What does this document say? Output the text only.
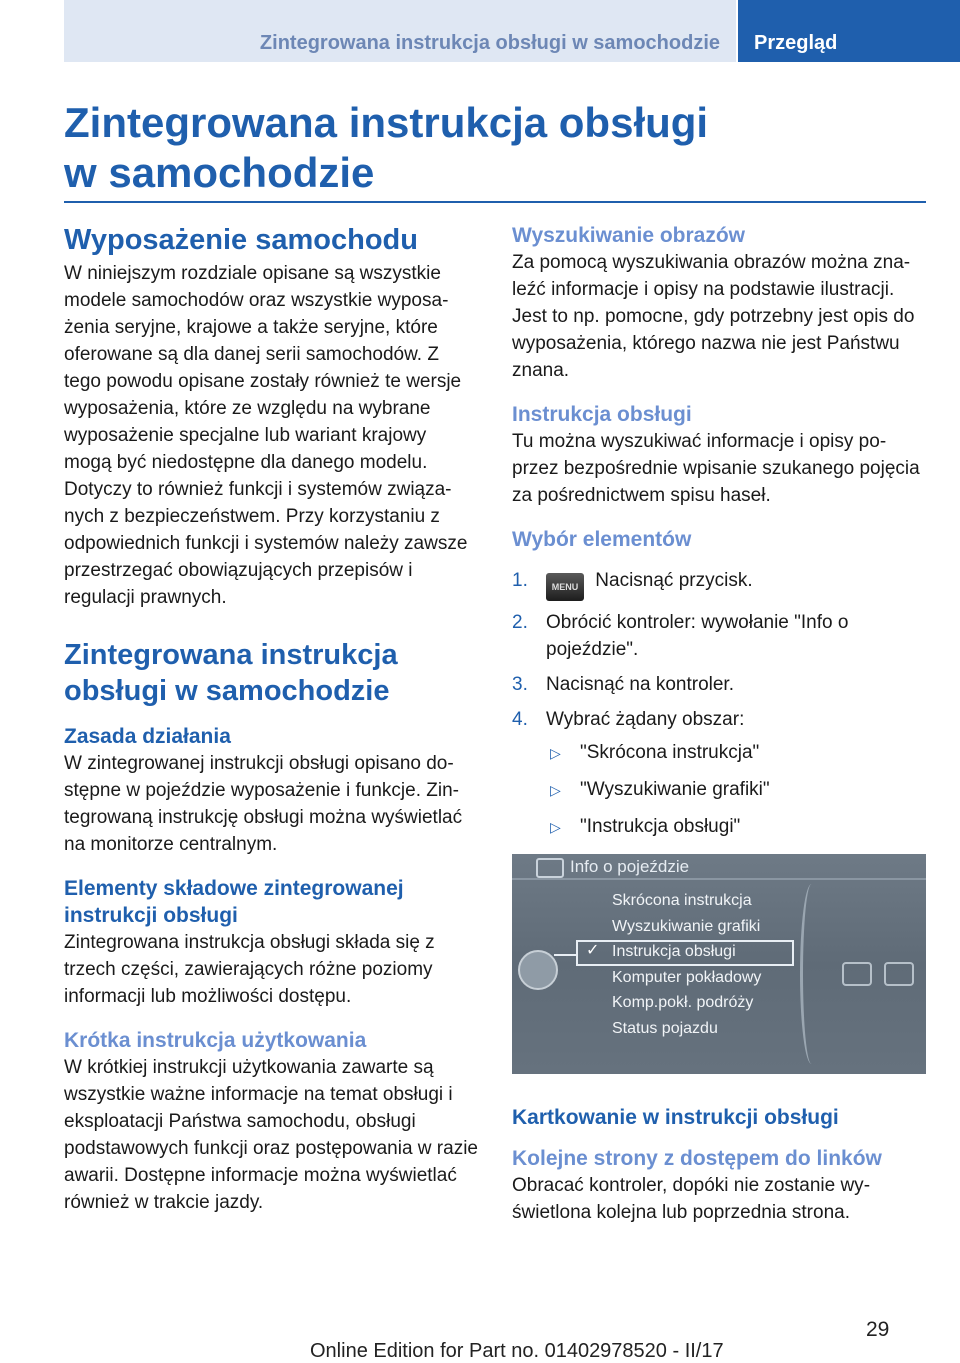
Zintegrowana instrukcja obsługi w samochodzie	Przegląd
Zintegrowana instrukcja obsługi
w samochodzie
Wyposażenie samochodu

W niniejszym rozdziale opisane są wszystkie modele samochodów oraz wszystkie wyposażenia seryjne, krajowe a także seryjne, które oferowane są dla danej serii samochodów. Z tego powodu opisane zostały również te wersje wyposażenia, które ze względu na wybrane wyposażenie specjalne lub wariant krajowy mogą być niedostępne dla danego modelu. Dotyczy to również funkcji i systemów związanych z bezpieczeństwem. Przy korzystaniu z odpowiednich funkcji i systemów należy zawsze przestrzegać obowiązujących przepisów i regulacji prawnych.

Zintegrowana instrukcja obsługi w samochodzie
Zasada działania

W zintegrowanej instrukcji obsługi opisano dostępne w pojeździe wyposażenie i funkcje. Zintegrowaną instrukcję obsługi można wyświetlać na monitorze centralnym.

Elementy składowe zintegrowanej instrukcji obsługi

Zintegrowana instrukcja obsługi składa się z trzech części, zawierających różne poziomy informacji lub możliwości dostępu.

Krótka instrukcja użytkowania

W krótkiej instrukcji użytkowania zawarte są wszystkie ważne informacje na temat obsługi i eksploatacji Państwa samochodu, obsługi podstawowych funkcji oraz postępowania w razie awarii. Dostępne informacje można wyświetlać również w trakcie jazdy.

Wyszukiwanie obrazów

Za pomocą wyszukiwania obrazów można znaleźć informacje i opisy na podstawie ilustracji. Jest to np. pomocne, gdy potrzebny jest opis do wyposażenia, którego nazwa nie jest Państwu znana.

Instrukcja obsługi

Tu można wyszukiwać informacje i opisy poprzez bezpośrednie wpisanie szukanego pojęcia za pośrednictwem spisu haseł.

Wybór elementów
1.	MENU Nacisnąć przycisk.
2. Obrócić kontroler: wywołanie "Info o pojeździe".
3. Nacisnąć na kontroler.
4. Wybrać żądany obszar:
▷ "Skrócona instrukcja"
▷ "Wyszukiwanie grafiki"
▷ "Instrukcja obsługi"
Info o pojeździe
✓
Skrócona instrukcja
Wyszukiwanie grafiki
Instrukcja obsługi
Komputer pokładowy
Komp.pokł. podróży
Status pojazdu
Kartkowanie w instrukcji obsługi
Kolejne strony z dostępem do linków

Obracać kontroler, dopóki nie zostanie wyświetlona kolejna lub poprzednia strona.

29
Online Edition for Part no. 01402978520 - II/17
